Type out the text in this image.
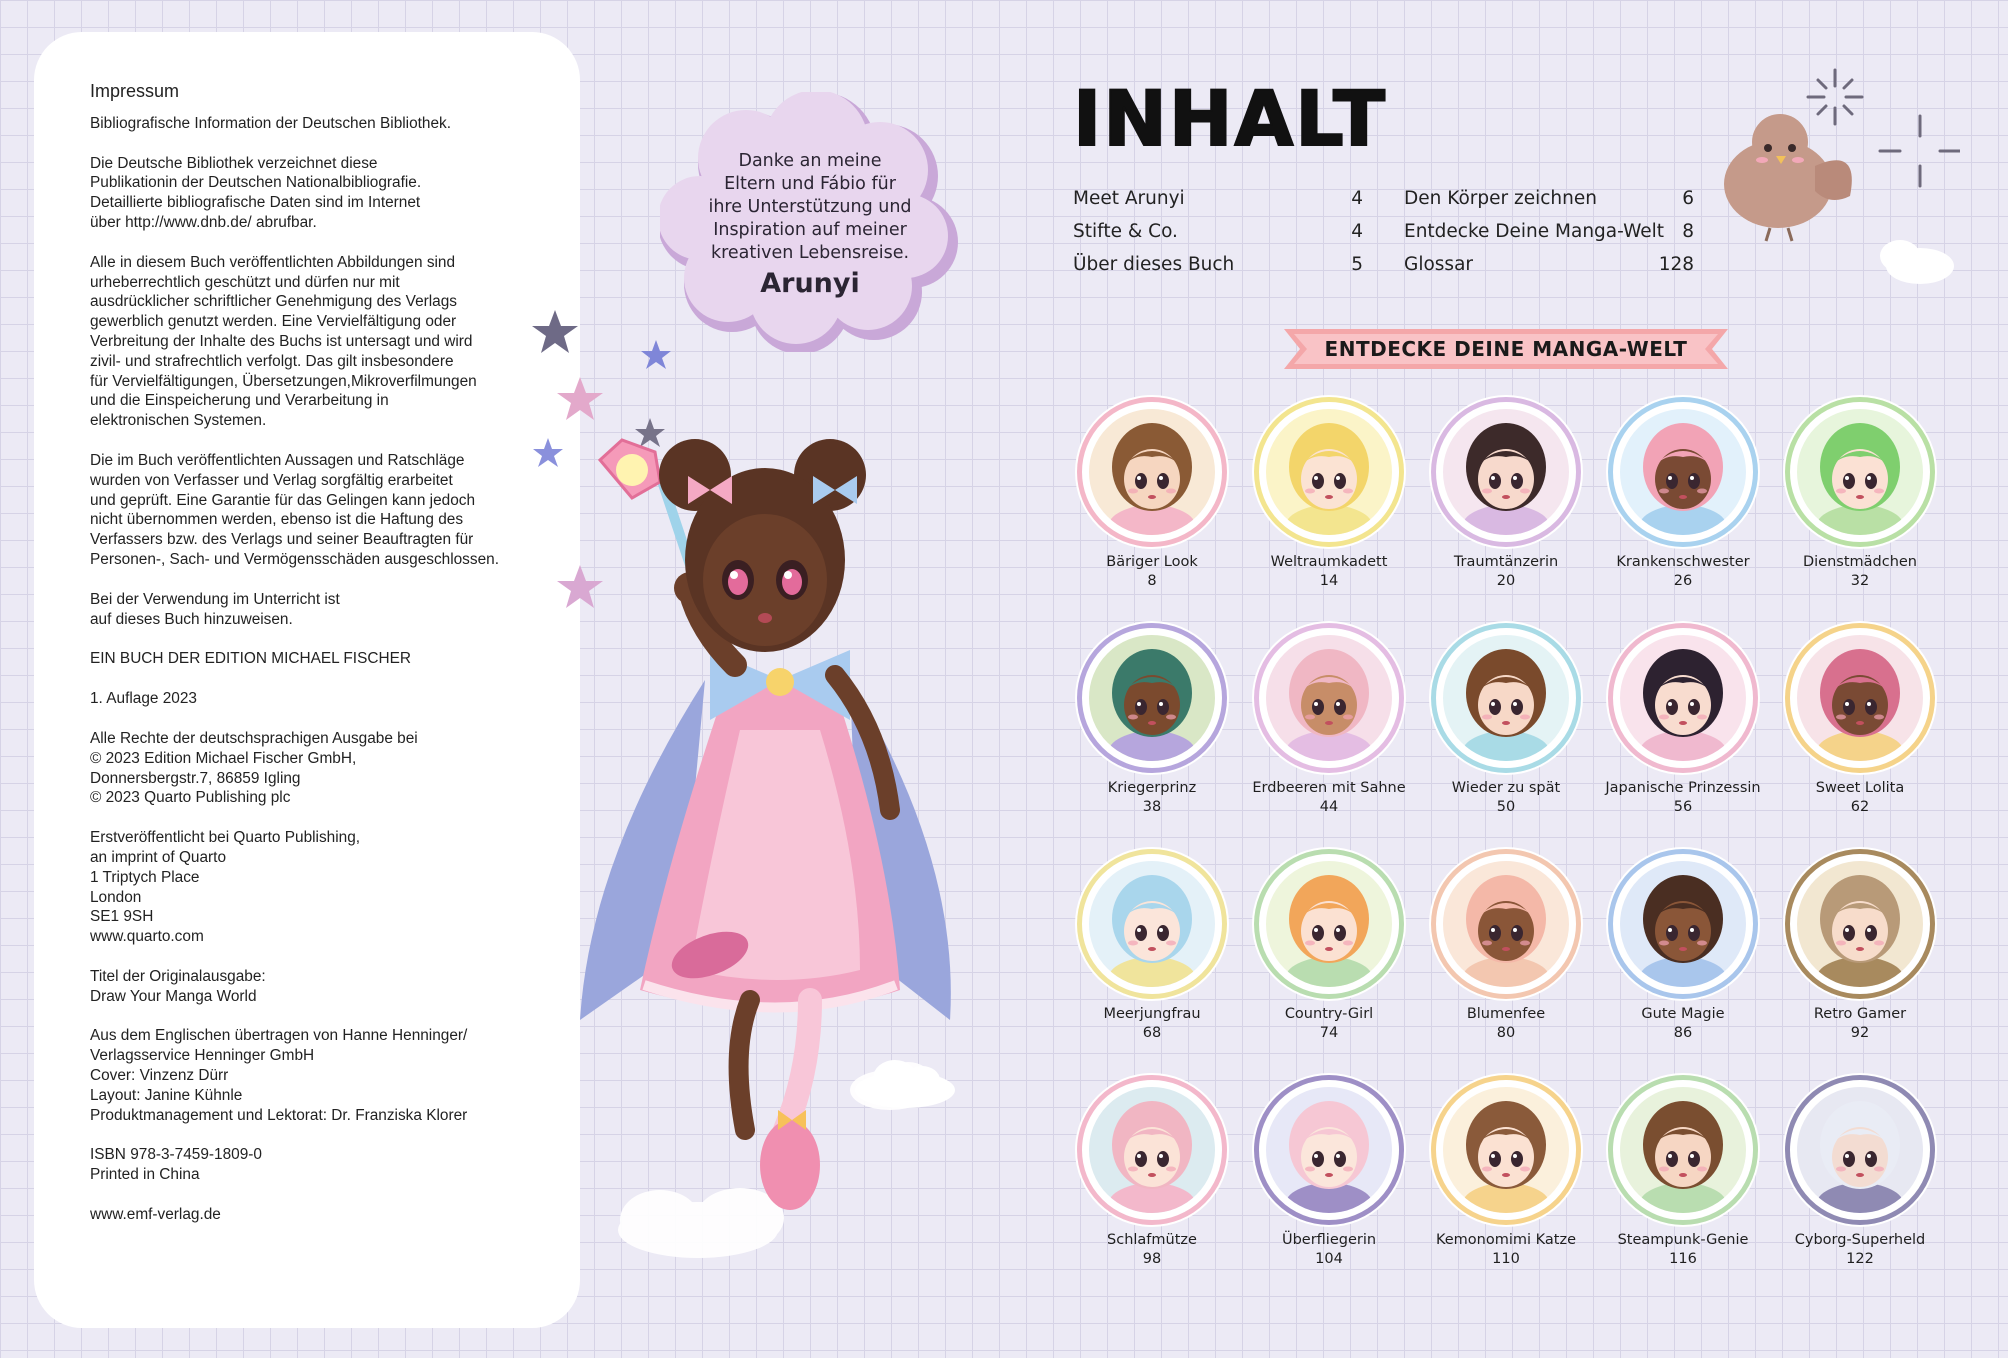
Impressum

Bibliografische Information der Deutschen Bibliothek.

Die Deutsche Bibliothek verzeichnet diese
Publikationin der Deutschen Nationalbibliografie.
Detaillierte bibliografische Daten sind im Internet
über http://www.dnb.de/ abrufbar.

Alle in diesem Buch veröffentlichten Abbildungen sind
urheberrechtlich geschützt und dürfen nur mit
ausdrücklicher schriftlicher Genehmigung des Verlags
gewerblich genutzt werden. Eine Vervielfältigung oder
Verbreitung der Inhalte des Buchs ist untersagt und wird
zivil- und strafrechtlich verfolgt. Das gilt insbesondere
für Vervielfältigungen, Übersetzungen,Mikroverfilmungen
und die Einspeicherung und Verarbeitung in
elektronischen Systemen.

Die im Buch veröffentlichten Aussagen und Ratschläge
wurden von Verfasser und Verlag sorgfältig erarbeitet
und geprüft. Eine Garantie für das Gelingen kann jedoch
nicht übernommen werden, ebenso ist die Haftung des
Verfassers bzw. des Verlags und seiner Beauftragten für
Personen-, Sach- und Vermögensschäden ausgeschlossen.

Bei der Verwendung im Unterricht ist
auf dieses Buch hinzuweisen.

EIN BUCH DER EDITION MICHAEL FISCHER

1. Auflage 2023

Alle Rechte der deutschsprachigen Ausgabe bei
© 2023 Edition Michael Fischer GmbH,
Donnersbergstr.7, 86859 Igling
© 2023 Quarto Publishing plc

Erstveröffentlicht bei Quarto Publishing,
an imprint of Quarto
1 Triptych Place
London
SE1 9SH
www.quarto.com

Titel der Originalausgabe:
Draw Your Manga World

Aus dem Englischen übertragen von Hanne Henninger/
Verlagsservice Henninger GmbH
Cover: Vinzenz Dürr
Layout: Janine Kühnle
Produktmanagement und Lektorat: Dr. Franziska Klorer

ISBN 978-3-7459-1809-0
Printed in China

www.emf-verlag.de

Danke an meine
Eltern und Fábio für
ihre Unterstützung und
Inspiration auf meiner
kreativen Lebensreise.
Arunyi
INHALT
Meet Arunyi	4
Stifte & Co.	4
Über dieses Buch	5
Den Körper zeichnen	6
Entdecke Deine Manga-Welt 8
Glossar	128
ENTDECKE DEINE MANGA-WELT
Bäriger Look
8
Weltraumkadett
14
Traumtänzerin
20
Krankenschwester
26
Dienstmädchen
32
Kriegerprinz
38
Erdbeeren mit Sahne
44
Wieder zu spät
50
Japanische Prinzessin
56
Sweet Lolita
62
Meerjungfrau
68
Country-Girl
74
Blumenfee
80
Gute Magie
86
Retro Gamer
92
Schlafmütze
98
Überfliegerin
104
Kemonomimi Katze
110
Steampunk-Genie
116
Cyborg-Superheld
122
